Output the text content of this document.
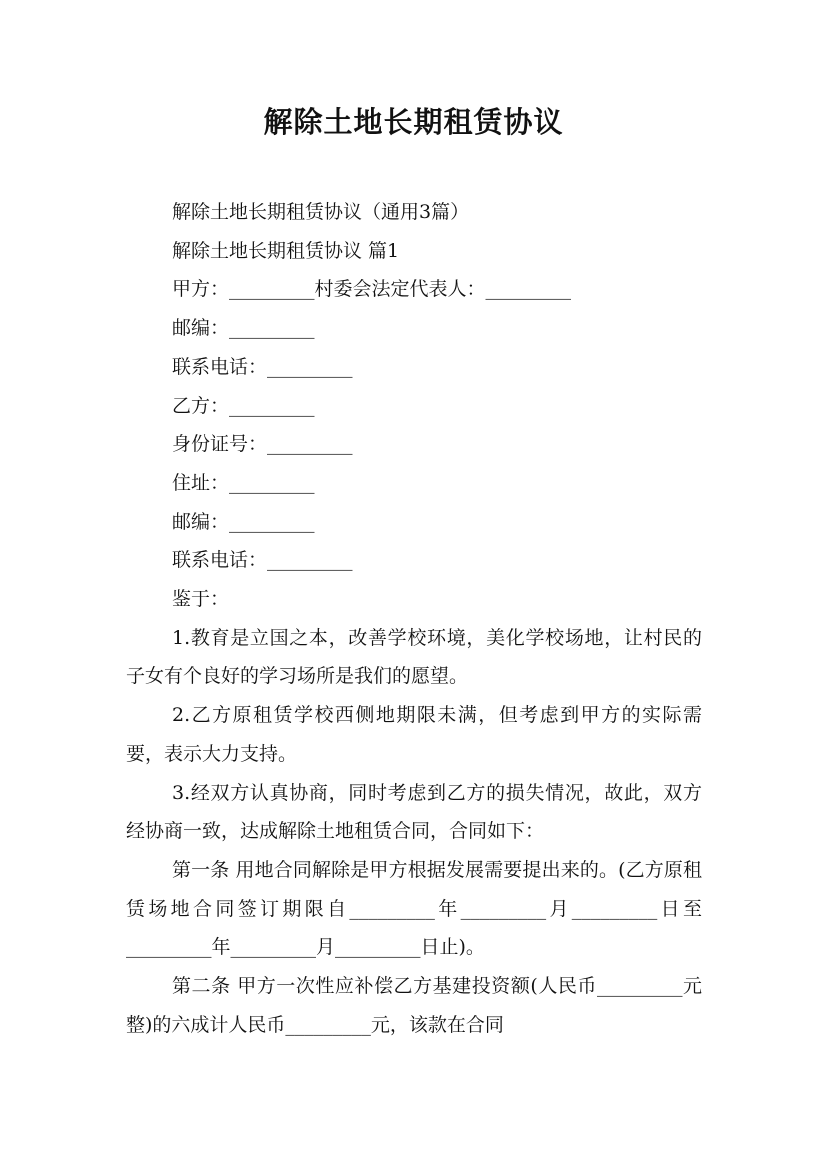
解除土地长期租赁协议
解除土地长期租赁协议（通用3篇）
解除土地长期租赁协议 篇1
甲方：_________村委会法定代表人：_________
邮编：_________
联系电话：_________
乙方：_________
身份证号：_________
住址：_________
邮编：_________
联系电话：_________
鉴于：
1.教育是立国之本，改善学校环境，美化学校场地，让村民的子女有个良好的学习场所是我们的愿望。
2.乙方原租赁学校西侧地期限未满，但考虑到甲方的实际需要，表示大力支持。
3.经双方认真协商，同时考虑到乙方的损失情况，故此，双方经协商一致，达成解除土地租赁合同，合同如下：
第一条 用地合同解除是甲方根据发展需要提出来的。(乙方原租赁场地合同签订期限自_________年_________月_________日至_________年_________月_________日止)。
第二条 甲方一次性应补偿乙方基建投资额(人民币_________元整)的六成计人民币_________元，该款在合同
